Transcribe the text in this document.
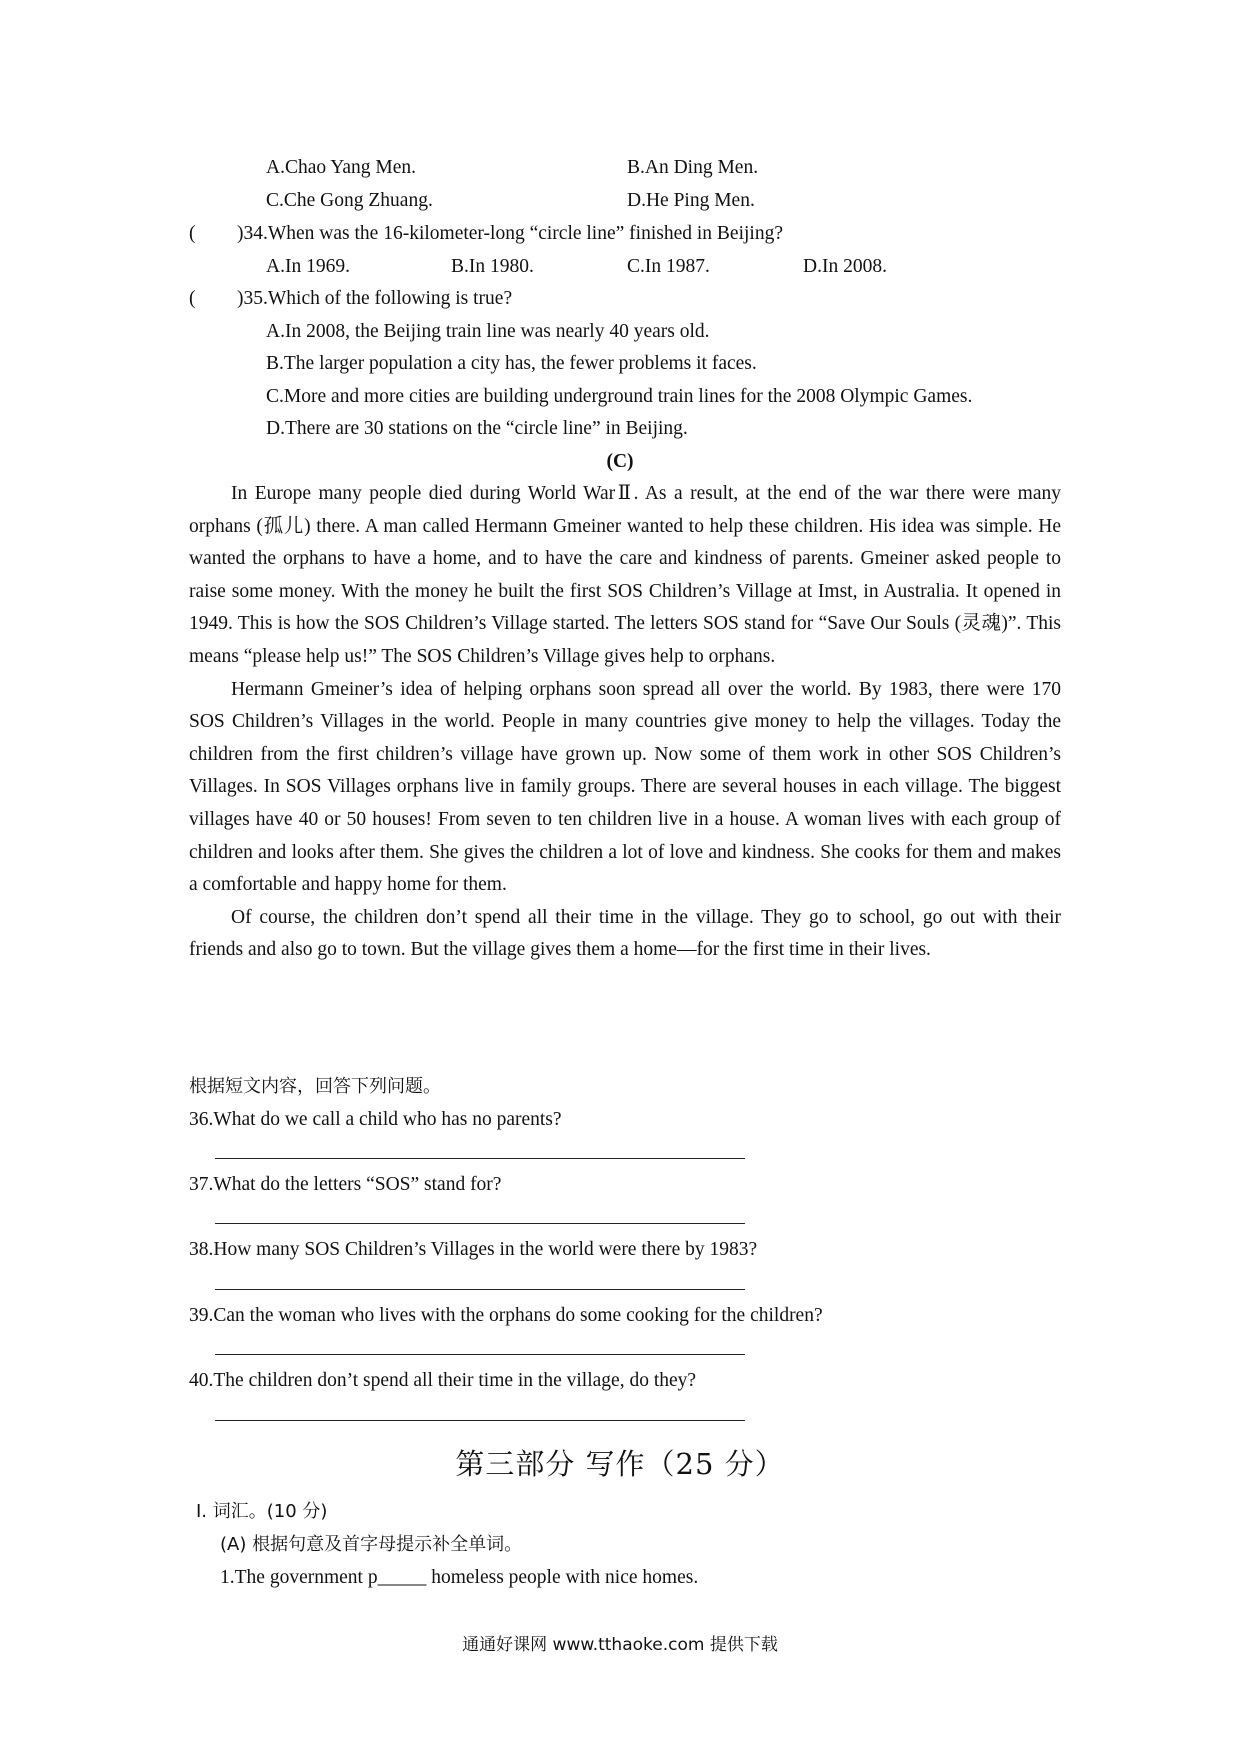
A.Chao Yang Men.	B.An Ding Men.
C.Che Gong Zhuang.	D.He Ping Men.
( )34.When was the 16-kilometer-long “circle line” finished in Beijing?
A.In 1969.	B.In 1980.	C.In 1987.	D.In 2008.
( )35.Which of the following is true?
A.In 2008, the Beijing train line was nearly 40 years old.
B.The larger population a city has, the fewer problems it faces.
C.More and more cities are building underground train lines for the 2008 Olympic Games.
D.There are 30 stations on the “circle line” in Beijing.
(C)

In Europe many people died during World WarⅡ. As a result, at the end of the war there were many orphans (孤儿) there. A man called Hermann Gmeiner wanted to help these children. His idea was simple. He wanted the orphans to have a home, and to have the care and kindness of parents. Gmeiner asked people to raise some money. With the money he built the first SOS Children’s Village at Imst, in Australia. It opened in 1949. This is how the SOS Children’s Village started. The letters SOS stand for “Save Our Souls (灵魂)”. This means “please help us!” The SOS Children’s Village gives help to orphans.

Hermann Gmeiner’s idea of helping orphans soon spread all over the world. By 1983, there were 170 SOS Children’s Villages in the world. People in many countries give money to help the villages. Today the children from the first children’s village have grown up. Now some of them work in other SOS Children’s Villages. In SOS Villages orphans live in family groups. There are several houses in each village. The biggest villages have 40 or 50 houses! From seven to ten children live in a house. A woman lives with each group of children and looks after them. She gives the children a lot of love and kindness. She cooks for them and makes a comfortable and happy home for them.

Of course, the children don’t spend all their time in the village. They go to school, go out with their friends and also go to town. But the village gives them a home—for the first time in their lives.

根据短文内容，回答下列问题。
36.What do we call a child who has no parents?
37.What do the letters “SOS” stand for?
38.How many SOS Children’s Villages in the world were there by 1983?
39.Can the woman who lives with the orphans do some cooking for the children?
40.The children don’t spend all their time in the village, do they?
第三部分 写作（25 分）
Ⅰ. 词汇。(10 分)
(A) 根据句意及首字母提示补全单词。
1.The government p_____ homeless people with nice homes.
通通好课网 www.tthaoke.com 提供下载
